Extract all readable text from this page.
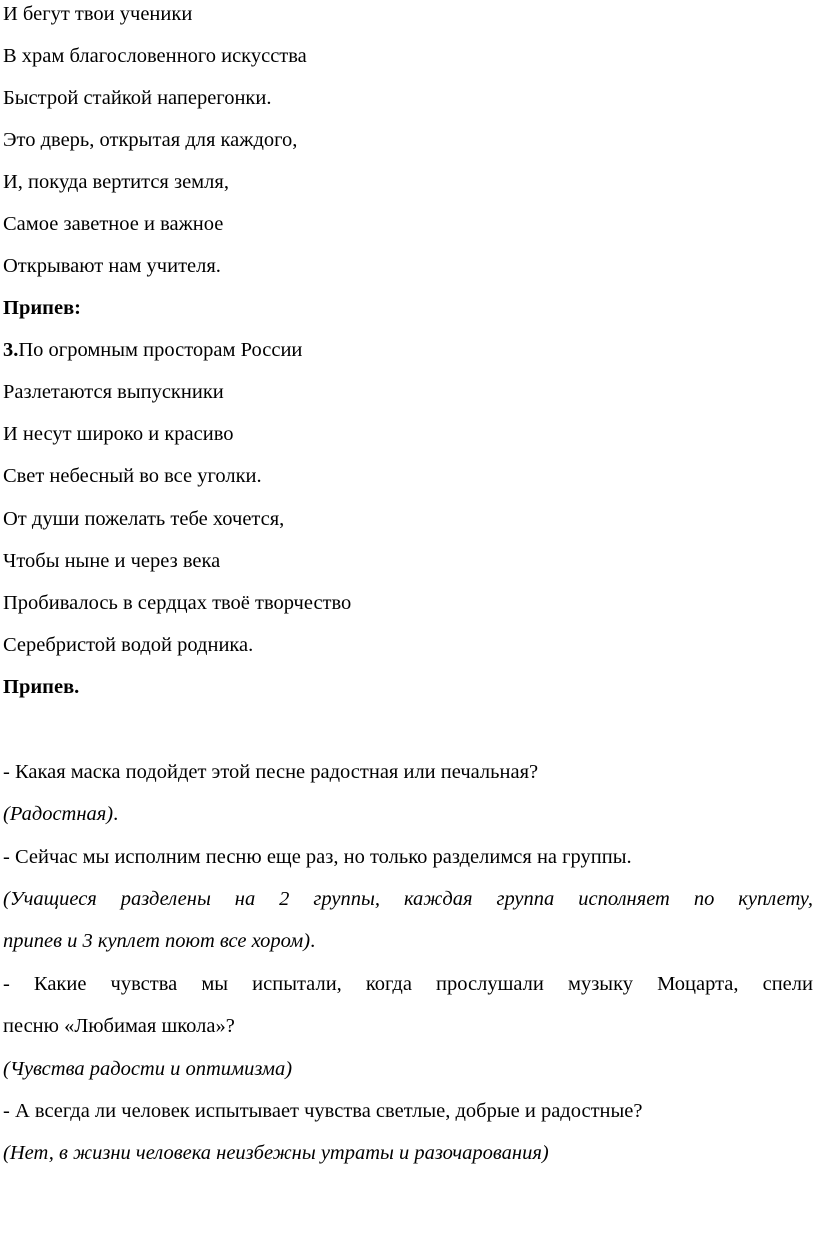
И бегут твои ученики
В храм благословенного искусства
Быстрой стайкой наперегонки.
Это дверь, открытая для каждого,
И, покуда вертится земля,
Самое заветное и важное
Открывают нам учителя.
Припев:
3.По огромным просторам России
Разлетаются выпускники
И несут широко и красиво
Свет небесный во все уголки.
От души пожелать тебе хочется,
Чтобы ныне и через века
Пробивалось в сердцах твоё творчество
Серебристой водой родника.
Припев.
- Какая маска подойдет этой песне радостная или печальная?
(Радостная).
- Сейчас мы исполним песню еще раз, но только разделимся на группы.
(Учащиеся разделены на 2 группы, каждая группа исполняет по куплету,
припев и 3 куплет поют все хором).
- Какие чувства мы испытали, когда прослушали музыку Моцарта, спели
песню «Любимая школа»?
(Чувства радости и оптимизма)
- А всегда ли человек испытывает чувства светлые, добрые и радостные?
(Нет, в жизни человека неизбежны утраты и разочарования)
